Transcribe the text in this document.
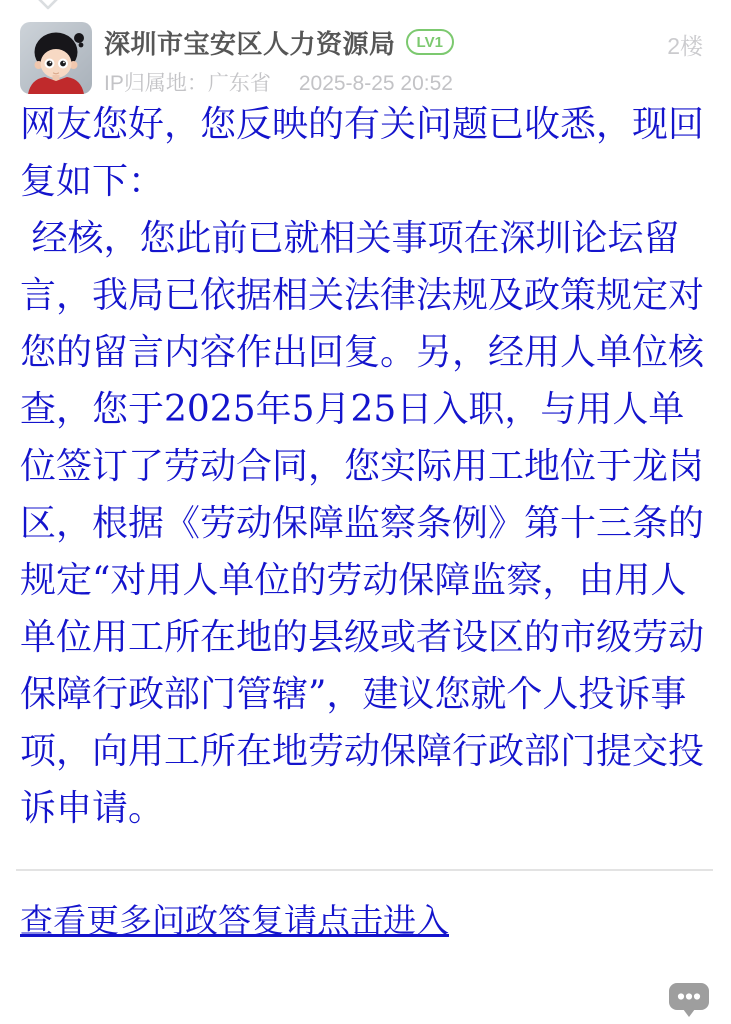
深圳市宝安区人力资源局	LV1
IP归属地：广东省 2025-8-25 20:52
2楼

网友您好，您反映的有关问题已收悉，现回复如下：

经核，您此前已就相关事项在深圳论坛留言，我局已依据相关法律法规及政策规定对您的留言内容作出回复。另，经用人单位核查，您于2025年5月25日入职，与用人单位签订了劳动合同，您实际用工地位于龙岗区，根据《劳动保障监察条例》第十三条的规定“对用人单位的劳动保障监察，由用人单位用工所在地的县级或者设区的市级劳动保障行政部门管辖”，建议您就个人投诉事项，向用工所在地劳动保障行政部门提交投诉申请。

查看更多问政答复请点击进入
